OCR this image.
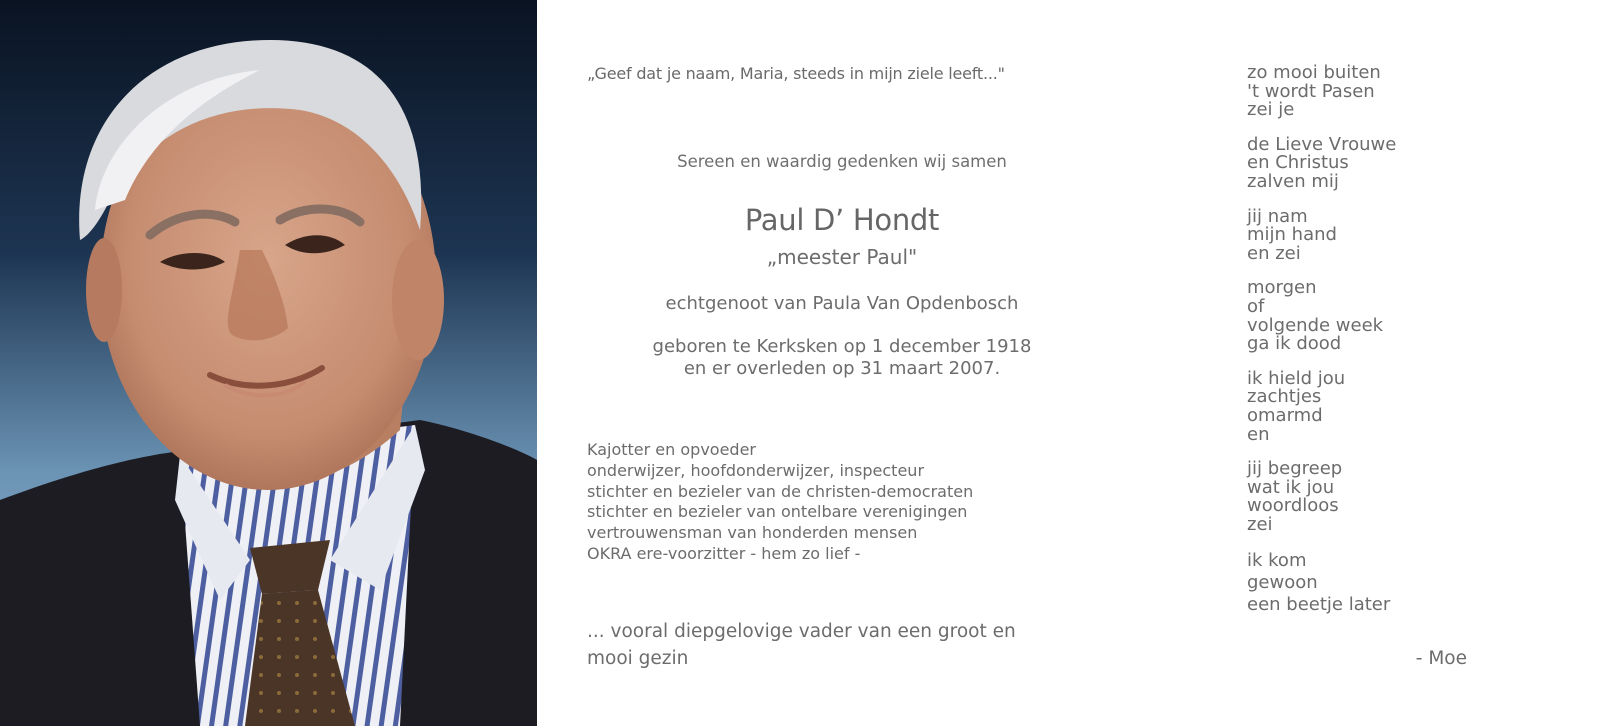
„Geef dat je naam, Maria, steeds in mijn ziele leeft..."
Sereen en waardig gedenken wij samen
Paul D’ Hondt
„meester Paul"
echtgenoot van Paula Van Opdenbosch
geboren te Kerksken op 1 december 1918
en er overleden op 31 maart 2007.
Kajotter en opvoeder
onderwijzer, hoofdonderwijzer, inspecteur
stichter en bezieler van de christen-democraten
stichter en bezieler van ontelbare verenigingen
vertrouwensman van honderden mensen
OKRA ere-voorzitter - hem zo lief -
... vooral diepgelovige vader van een groot en
mooi gezin
zo mooi buiten
't wordt Pasen
zei je
de Lieve Vrouwe
en Christus
zalven mij
jij nam
mijn hand
en zei
morgen
of
volgende week
ga ik dood
ik hield jou
zachtjes
omarmd
en
jij begreep
wat ik jou
woordloos
zei
ik kom
gewoon
een beetje later
- Moe
